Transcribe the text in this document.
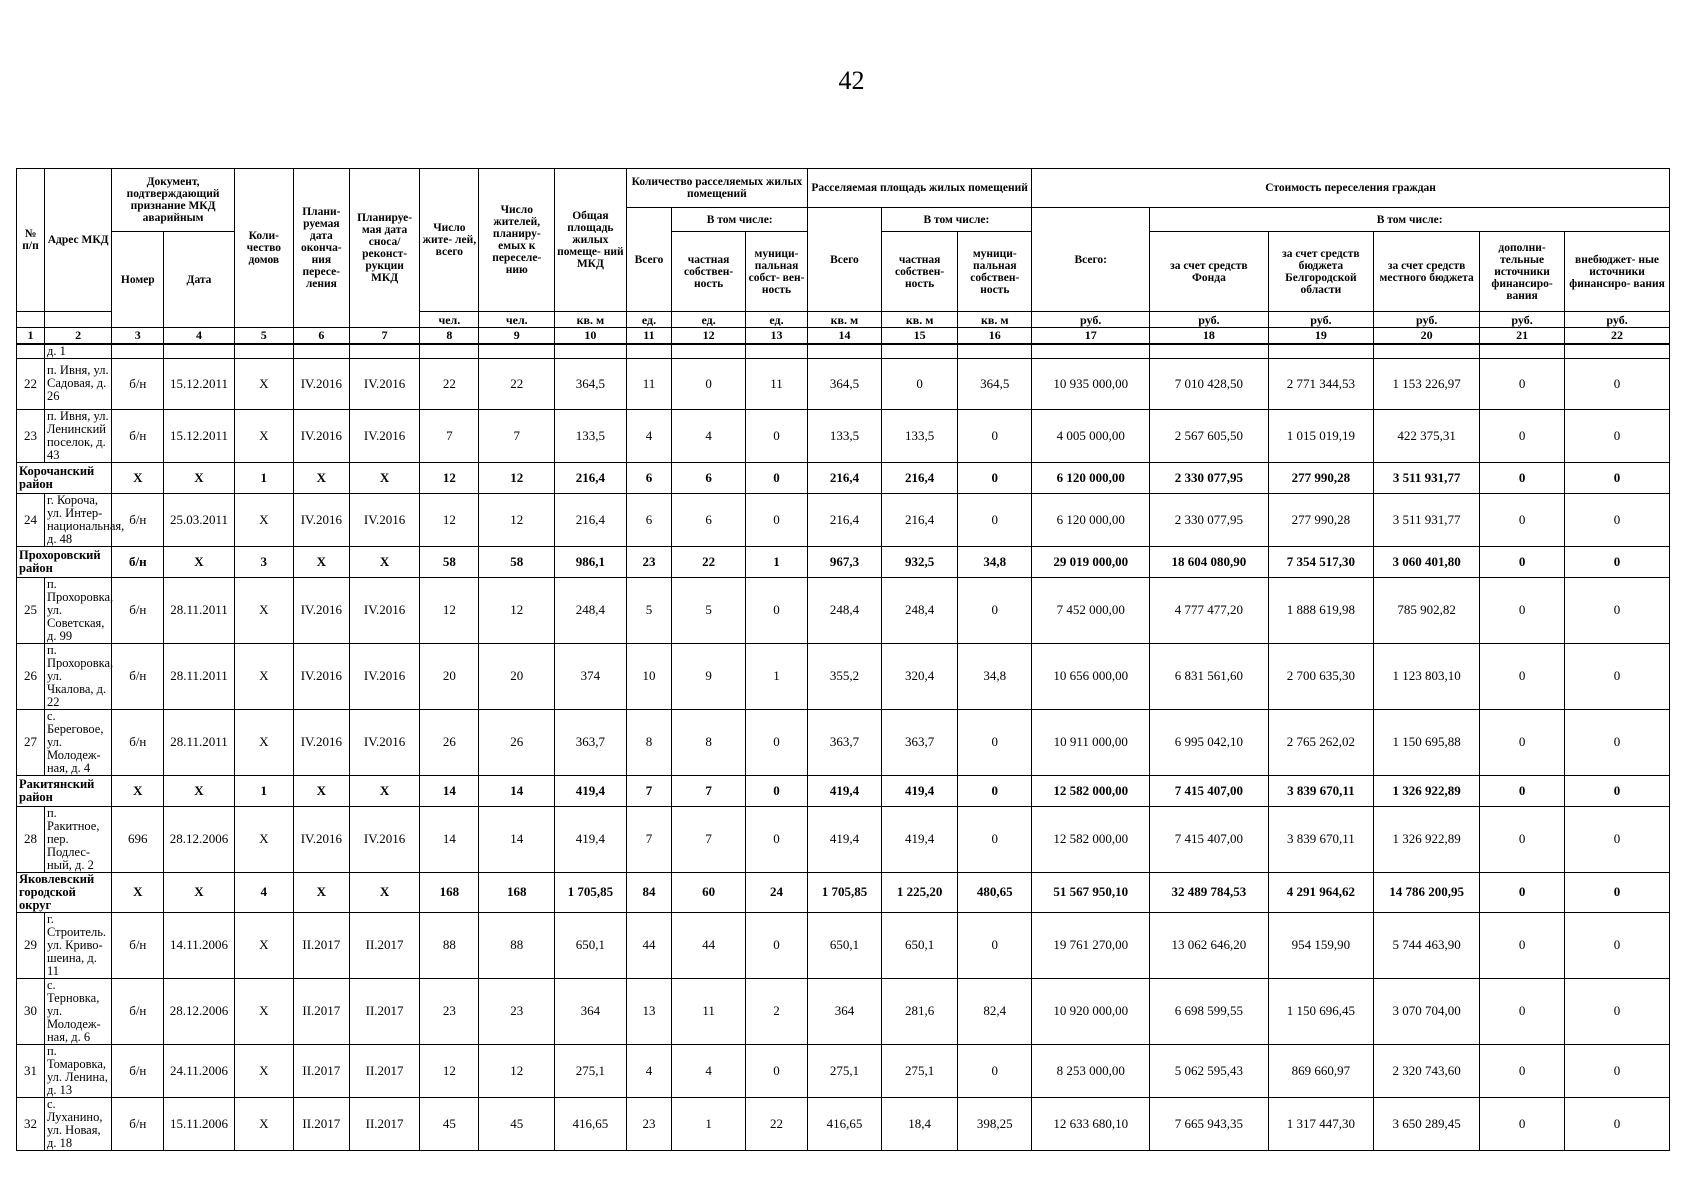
42
№ п/п	Адрес МКД	Документ, подтверждающий признание МКД аварийным		Коли- чество домов	Плани- руемая дата оконча- ния пересе- ления	Планируе- мая дата сноса/ реконст- рукции МКД	Число жите- лей, всего	Число жителей, планиру- емых к переселе- нию	Общая площадь жилых помеще- ний МКД	Количество расселяемых жилых помещений			Расселяемая площадь жилых помещений			Стоимость переселения граждан					
										Всего	В том числе:		Всего	В том числе:		Всего:	В том числе:				
		Номер	Дата								частная собствен- ность	муници- пальная собст- вен- ность		частная собствен- ность	муници- пальная собствен- ность		за счет средств Фонда	за счет средств бюджета Белгородской области	за счет средств местного бюджета	дополни- тельные источники финансиро- вания	внебюджет- ные источники финансиро- вания
							чел.	чел.	кв. м	ед.	ед.	ед.	кв. м	кв. м	кв. м	руб.	руб.	руб.	руб.	руб.	руб.
1	2	3	4	5	6	7	8	9	10	11	12	13	14	15	16	17	18	19	20	21	22
	д. 1																				
22	п. Ивня, ул. Садовая, д. 26	б/н	15.12.2011	X	IV.2016	IV.2016	22	22	364,5	11	0	11	364,5	0	364,5	10 935 000,00	7 010 428,50	2 771 344,53	1 153 226,97	0	0
23	п. Ивня, ул. Ленинский поселок, д. 43	б/н	15.12.2011	X	IV.2016	IV.2016	7	7	133,5	4	4	0	133,5	133,5	0	4 005 000,00	2 567 605,50	1 015 019,19	422 375,31	0	0
Корочанский район		X	X	1	X	X	12	12	216,4	6	6	0	216,4	216,4	0	6 120 000,00	2 330 077,95	277 990,28	3 511 931,77	0	0
24	г. Короча, ул. Интер- национальная, д. 48	б/н	25.03.2011	X	IV.2016	IV.2016	12	12	216,4	6	6	0	216,4	216,4	0	6 120 000,00	2 330 077,95	277 990,28	3 511 931,77	0	0
Прохоровский район		б/н	X	3	X	X	58	58	986,1	23	22	1	967,3	932,5	34,8	29 019 000,00	18 604 080,90	7 354 517,30	3 060 401,80	0	0
25	п. Прохоровка, ул. Советская, д. 99	б/н	28.11.2011	X	IV.2016	IV.2016	12	12	248,4	5	5	0	248,4	248,4	0	7 452 000,00	4 777 477,20	1 888 619,98	785 902,82	0	0
26	п. Прохоровка, ул. Чкалова, д. 22	б/н	28.11.2011	X	IV.2016	IV.2016	20	20	374	10	9	1	355,2	320,4	34,8	10 656 000,00	6 831 561,60	2 700 635,30	1 123 803,10	0	0
27	с. Береговое, ул. Молодеж- ная, д. 4	б/н	28.11.2011	X	IV.2016	IV.2016	26	26	363,7	8	8	0	363,7	363,7	0	10 911 000,00	6 995 042,10	2 765 262,02	1 150 695,88	0	0
Ракитянский район		X	X	1	X	X	14	14	419,4	7	7	0	419,4	419,4	0	12 582 000,00	7 415 407,00	3 839 670,11	1 326 922,89	0	0
28	п. Ракитное, пер. Подлес- ный, д. 2	696	28.12.2006	X	IV.2016	IV.2016	14	14	419,4	7	7	0	419,4	419,4	0	12 582 000,00	7 415 407,00	3 839 670,11	1 326 922,89	0	0
Яковлевский городской округ		X	X	4	X	X	168	168	1 705,85	84	60	24	1 705,85	1 225,20	480,65	51 567 950,10	32 489 784,53	4 291 964,62	14 786 200,95	0	0
29	г. Строитель. ул. Криво- шеина, д. 11	б/н	14.11.2006	X	II.2017	II.2017	88	88	650,1	44	44	0	650,1	650,1	0	19 761 270,00	13 062 646,20	954 159,90	5 744 463,90	0	0
30	с. Терновка, ул. Молодеж- ная, д. 6	б/н	28.12.2006	X	II.2017	II.2017	23	23	364	13	11	2	364	281,6	82,4	10 920 000,00	6 698 599,55	1 150 696,45	3 070 704,00	0	0
31	п. Томаровка, ул. Ленина, д. 13	б/н	24.11.2006	X	II.2017	II.2017	12	12	275,1	4	4	0	275,1	275,1	0	8 253 000,00	5 062 595,43	869 660,97	2 320 743,60	0	0
32	с. Луханино, ул. Новая, д. 18	б/н	15.11.2006	X	II.2017	II.2017	45	45	416,65	23	1	22	416,65	18,4	398,25	12 633 680,10	7 665 943,35	1 317 447,30	3 650 289,45	0	0
